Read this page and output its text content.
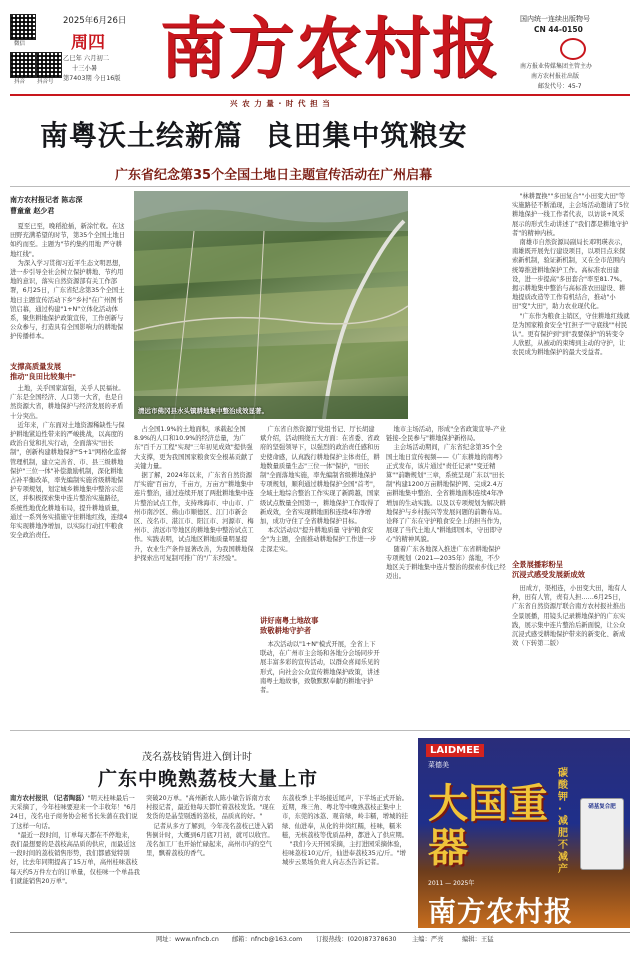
微信
抖音 抖音号
2025年6月26日
周四
乙巳年 六月初二
十三小暑
第7403期 今日16版 南方农村报	国内统一连续出版物号
CN 44-0150
南方报业传媒集团主管主办
南方农村报社出版
邮发代号：45-7
兴 农 力 量 · 时 代 担 当
南粤沃土绘新篇  良田集中筑粮安
广东省纪念第35个全国土地日主题宣传活动在广州启幕
南方农村报记者 陈志深
曹童童 赵少君

夏至已至，晚稻抢插，新涂忙收。在这田野充满希望的时节，第35个全国土地日如约而至。主题为"节约集约用地 严守耕地红线"。

为深入学习贯彻习近平生态文明思想，进一步引导全社会树立保护耕地、节约用地的意识，落实自然资源部有关工作部署，6月25日，广东省纪念第35个全国土地日主题宣传活动下乡"乡村"在广州图书馆启幕，通过构建"1+N"立体化活动体系，聚焦耕地保护政策宣传，工作创新与公众参与，打造具有全国影响力的耕地保护传播样本。

支撑高质量发展
推动"良田比较集中"
清远市佛冈县水头镇耕地集中整治成效显著。

土地，关乎国家富强，关乎人民福祉。广东是全国经济、人口第一大省，也是自然资源大省，耕地保护与经济发展的矛盾十分突出。

近年来，广东面对土地资源稀缺性与保护耕地紧迫性带来的严峻挑战，以高度的政治自觉和扎实行动，全面落实"田长制"，创新构建耕地保护"5+1"网格化监督管理机制，建立完善省、市、县三级耕地保护"三位一体"补偿激励机制，深化耕地占补平衡改革，率先编制实施省级耕地保护专项规划，划定城乡耕地集中整治示范区，并积极探索集中连片整治实施路径，系统性地优化耕地布局，提升耕地质量，通过一系列务实措施守住耕地红线，连续4年实现耕地净增加，以实际行动扛牢粮食安全政治责任。

占全国1.9%的土地面积，承载起全国8.9%的人口和10.9%的经济总量，为广东"百千万工程"实现"三年初见成效"提供强大支撑，更为我国国家粮食安全根基贡献了关键力量。

据了解，2024年以来，广东省自然资源厅实施"百亩方，千亩方，万亩方"耕地集中连片整治，通过连续开展了两批耕地集中连片整治试点工作，支持珠海市、中山市、广州市南沙区、佛山市顺德区、江门市新会区、茂名市、湛江市、阳江市、河源市、梅州市、清远市等地区的耕地集中整治试点工作。实践表明，试点地区耕地质量明显提升，农业生产条件显著改善，为我国耕地保护探索出可复制可推广的"广东经验"。

广东省自然资源厅党组书记、厅长胡建斌介绍，活动围绕五大方面：在省委、省政府的坚强领导下，以强烈的政治责任感和历史使命感，认真践行耕地保护主体责任，耕地数量质量生态"三位一体"保护，"田长制"全面落地实施，率先编制省级耕地保护专项规划，顺利通过耕地保护全国"首考"，全域土地综合整治工作实现了新跨越，国家级试点数量全国第一，耕地保护工作取得了新成效，全省实现耕地面积连续4年净增加，成功守住了全省耕地保护目标。

本次活动以"提升耕地质量 守护粮食安全"为主题，全面推动耕地保护工作进一步走深走实。

讲好南粤土地故事
致敬耕地守护者

本次活动以"1+N"模式开展，全省上下联动，在广州市主会场和各地分会场同步开展丰富多彩的宣传活动，以群众喜闻乐见的形式，向社会公众宣传耕地保护政策，讲述南粤土地故事，致敬默默奉献的耕地守护者。

地市主场活动，形成"全省政策宣导-产业链接-全民参与"耕地保护新格局。

主会场活动期间，广东省纪念第35个全国土地日宣传视频——《广东耕地的南粤》正式发布，该片通过"责任记录""变迁精算""前瞻规划"三章，系统呈现广东以"田长制"构建1200万亩耕地保护网、完成2.4万亩耕地集中整治、全省耕地面积连续4年净增加的生动实践。以及以专项规划为解决耕地保护与乡村振兴等发展问题的前瞻布局。诠释了广东在守护粮食安全上的担当作为，展现了当代土地人"耕地即国本，守田即守心"的精神风貌。

随着广东各地深入推进广东省耕地保护专项规划（2021—2035年）落地，不少地区关于耕地集中连片整治的探索步伐已经迈出。

"林耕置换""多田复合""小田变大田"等实施路径不断涌现，主会场活动邀请了5位耕地保护一线工作者代表，以访谈+风采展示的形式生动讲述了"我们都是耕地守护者"的精神内核。

南雄市自然资源局副局长邓明瑛表示，南雄既开展先行建设项目，以项目点来探索新机制，验证新机制，又在全市范围内统筹推进耕地保护工作。高标准农田建设，进一步提高"多田套合"率至81.7%。揭示耕地集中整治与高标准农田建设、耕地提质改造等工作有机结合，推动"小田"变"大田"，助力农业现代化。

"广东作为粮食主销区，守住耕地红线就是为国家粮食安全"扛担子""守底线""村民认"。更有保护到"到"我要保护"的转变令人欣慰，从被动的束缚到主动的守护，让农民成为耕地保护的最大受益者。

全景展播彩粉呈
沉浸式感受发展新成效

田成方，渠相连，小田变大田，地有人种，田有人管，责有人担……6月25日，广东省自然资源厅联合南方农村报社推出全景展播，用镜头记录耕地保护的广东实践，展示集中连片整治后新面貌，让公众沉浸式感受耕地保护带来的新变化、新成效（下转第二版）

茂名荔枝销售进入倒计时
广东中晚熟荔枝大量上市

南方农村报讯 （记者陶磊）"明天桂味最后一天采摘了，今年桂味要迎来一个丰收年！"6月24日，茂名电子商务协会秘书长朱蒲在我们说了这样一句话。

"最近一段时间，订单每天都在不停地来，我们最想要的是荔枝高品质的供应，而最近这一段时间的荔枝销售形势，我们都感觉特别好，比去年同期提高了15万单，高州桂味荔枝每天约5万件左右的订单量，仅桂味一个单品我们就能销售20万单"。

突破20万单。"高州新农人陈小敏告诉南方农村报记者，最近他每天都忙着荔枝发货。"现在发货的是晶莹剔透的荔枝，品质真的好。"

记者从多方了解到，今年茂名荔枝已进入销售倒计时，大概到6月底7月初，就可以收官。茂名加工厂也开始忙碌起来，高州市内的空气里，飘着荔枝的香气。

东荔枝季上半场接近尾声，下半场正式开始。近期，珠三角、粤北等中晚熟荔枝正集中上市，东莞的冰荔、观音绿，岭丰糯，增城的挂绿、仙进奉，从化的井岗红糯，桂味，糯米糍，无核荔枝等优质品种，都进入了供应期。

"我们今天开园采摘，主打进园采摘体验，桂味荔枝10元/斤，仙进奉荔枝35元/斤。"增城步云果场负责人向志杰告诉记者。

LAIDMEE
菜德美
大国重器
碳酸钾 · 减肥不减产
硝基复合肥
2011 — 2025年
南方农村报
网址：www.nfncb.cn 邮箱：nfncb@163.com 订报热线：(020)87378630 主编：严亮	编辑：王猛
